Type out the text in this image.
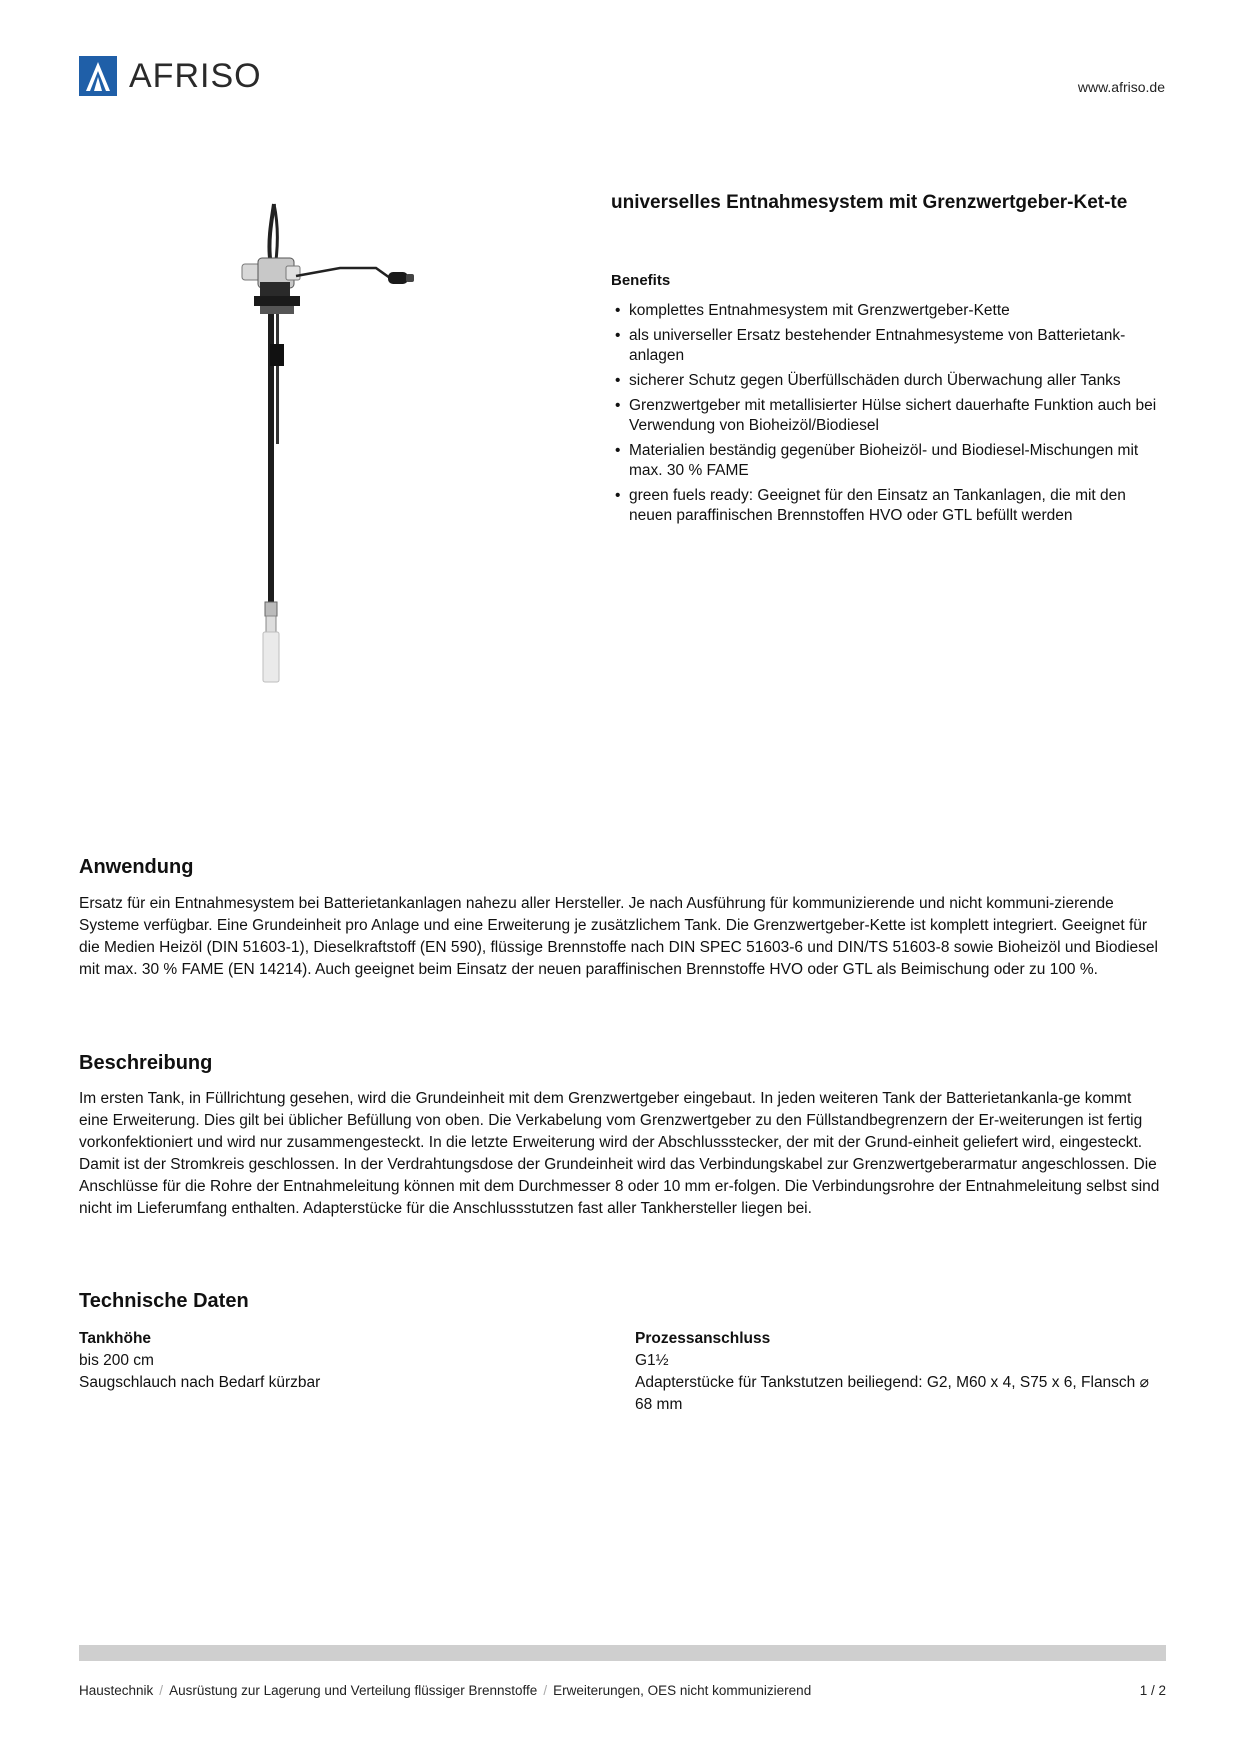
AFRISO	www.afriso.de
universelles Entnahmesystem mit Grenzwertgeber-Ket-te
Benefits
• komplettes Entnahmesystem mit Grenzwertgeber-Kette
• als universeller Ersatz bestehender Entnahmesysteme von Batterietank-anlagen
• sicherer Schutz gegen Überfüllschäden durch Überwachung aller Tanks
• Grenzwertgeber mit metallisierter Hülse sichert dauerhafte Funktion auch bei Verwendung von Bioheizöl/Biodiesel
• Materialien beständig gegenüber Bioheizöl- und Biodiesel-Mischungen mit max. 30 % FAME
• green fuels ready: Geeignet für den Einsatz an Tankanlagen, die mit den neuen paraffinischen Brennstoffen HVO oder GTL befüllt werden
Anwendung
Ersatz für ein Entnahmesystem bei Batterietankanlagen nahezu aller Hersteller. Je nach Ausführung für kommunizierende und nicht kommuni-zierende Systeme verfügbar. Eine Grundeinheit pro Anlage und eine Erweiterung je zusätzlichem Tank. Die Grenzwertgeber-Kette ist komplett integriert. Geeignet für die Medien Heizöl (DIN 51603-1), Dieselkraftstoff (EN 590), flüssige Brennstoffe nach DIN SPEC 51603-6 und DIN/TS 51603-8 sowie Bioheizöl und Biodiesel mit max. 30 % FAME (EN 14214). Auch geeignet beim Einsatz der neuen paraffinischen Brennstoffe HVO oder GTL als Beimischung oder zu 100 %.
Beschreibung
Im ersten Tank, in Füllrichtung gesehen, wird die Grundeinheit mit dem Grenzwertgeber eingebaut. In jeden weiteren Tank der Batterietankanla-ge kommt eine Erweiterung. Dies gilt bei üblicher Befüllung von oben. Die Verkabelung vom Grenzwertgeber zu den Füllstandbegrenzern der Er-weiterungen ist fertig vorkonfektioniert und wird nur zusammengesteckt. In die letzte Erweiterung wird der Abschlussstecker, der mit der Grund-einheit geliefert wird, eingesteckt. Damit ist der Stromkreis geschlossen. In der Verdrahtungsdose der Grundeinheit wird das Verbindungskabel zur Grenzwertgeberarmatur angeschlossen. Die Anschlüsse für die Rohre der Entnahmeleitung können mit dem Durchmesser 8 oder 10 mm er-folgen. Die Verbindungsrohre der Entnahmeleitung selbst sind nicht im Lieferumfang enthalten. Adapterstücke für die Anschlussstutzen fast aller Tankhersteller liegen bei.
Technische Daten
Tankhöhe
bis 200 cm
Saugschlauch nach Bedarf kürzbar
Prozessanschluss
G1½
Adapterstücke für Tankstutzen beiliegend: G2, M60 x 4, S75 x 6, Flansch ⌀ 68 mm
Haustechnik / Ausrüstung zur Lagerung und Verteilung flüssiger Brennstoffe / Erweiterungen, OES nicht kommunizierend	1 / 2
